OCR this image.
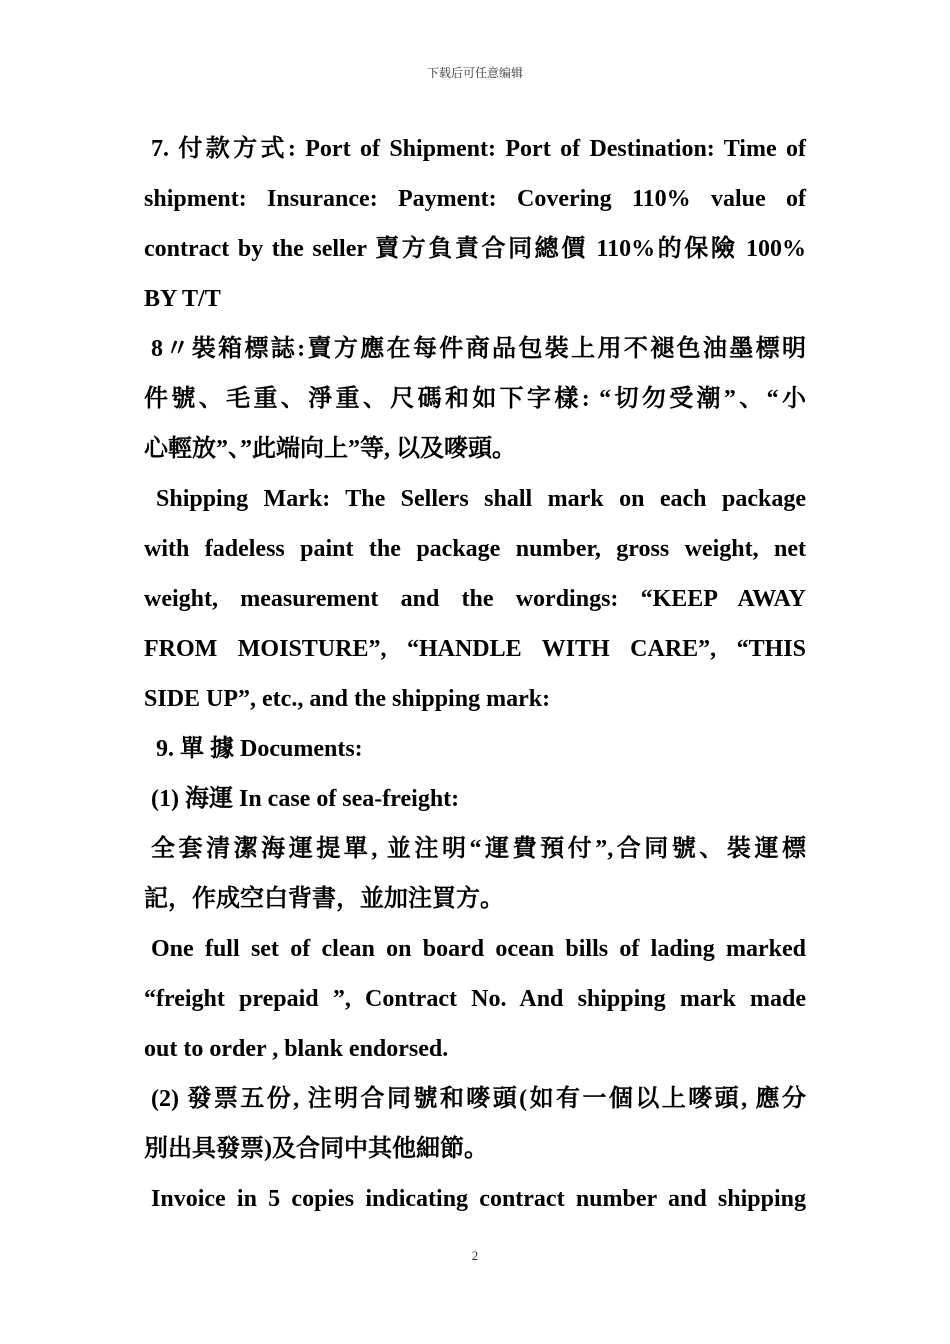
下载后可任意编辑
7. 付款方式: Port of Shipment: Port of Destination: Time of
shipment: Insurance: Payment: Covering 110% value of
contract by the seller 賣方負責合同總價 110%的保險 100%
BY T/T
8〃裝箱標誌:賣方應在每件商品包裝上用不褪色油墨標明
件號、毛重、淨重、尺碼和如下字樣: “切勿受潮”、“小
心輕放”、”此端向上”等, 以及嘜頭。
Shipping Mark: The Sellers shall mark on each package
with fadeless paint the package number, gross weight, net
weight, measurement and the wordings: “KEEP AWAY
FROM MOISTURE”, “HANDLE WITH CARE”, “THIS
SIDE UP”, etc., and the shipping mark:
9. 單 據 Documents:
(1) 海運 In case of sea-freight:
全套清潔海運提單, 並注明“運費預付”,合同號、裝運標
記，作成空白背書，並加注買方。
One full set of clean on board ocean bills of lading marked
“freight prepaid ”, Contract No. And shipping mark made
out to order , blank endorsed.
(2) 發票五份, 注明合同號和嘜頭(如有一個以上嘜頭, 應分
別出具發票)及合同中其他細節。
Invoice in 5 copies indicating contract number and shipping
2
